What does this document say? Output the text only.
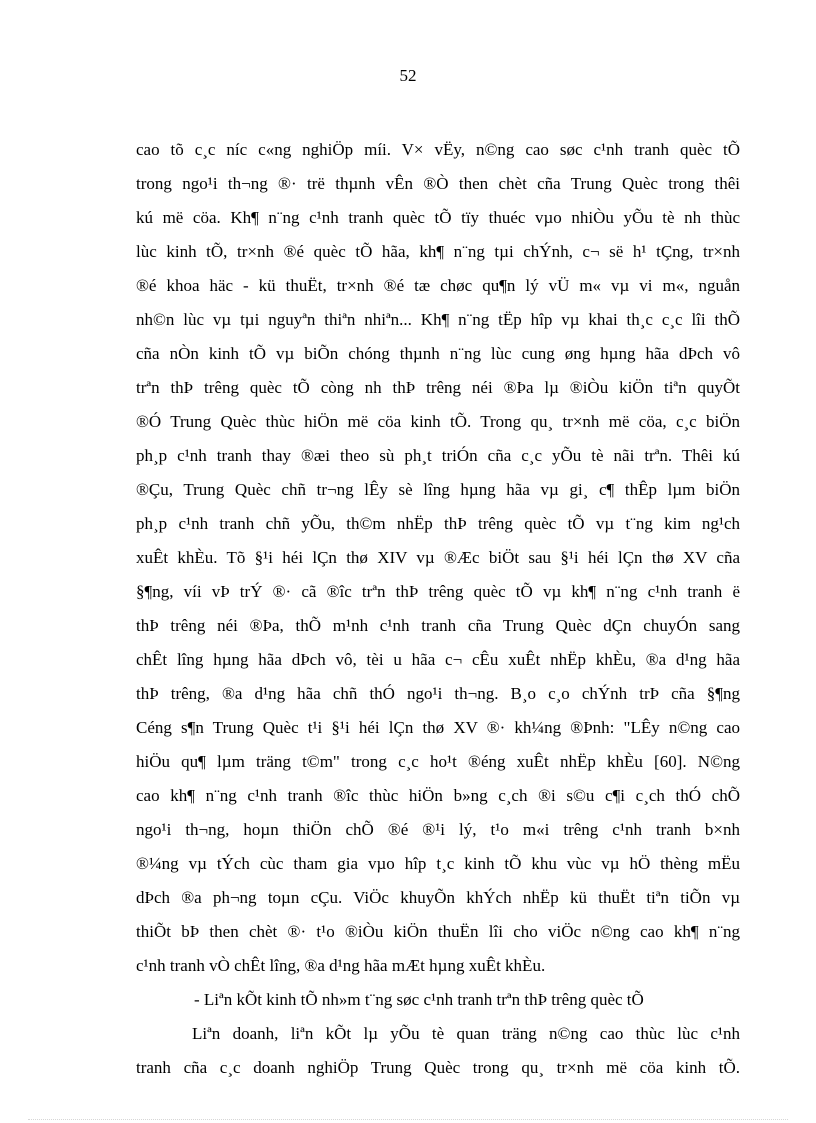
52
cao tõ c¸c níc c«ng nghiÖp míi. V× vËy, n©ng cao søc c¹nh tranh quèc tÕ
trong ngo¹i th¬ng ®· trë thµnh vÊn ®Ò then chèt cña Trung Quèc trong thêi
kú më cöa. Kh¶ n¨ng c¹nh tranh quèc tÕ tïy thuéc vµo nhiÒu yÕu tè nh thùc
lùc kinh tÕ, tr×nh ®é quèc tÕ hãa, kh¶ n¨ng tµi chÝnh, c¬ së h¹ tÇng, tr×nh
®é khoa häc - kü thuËt, tr×nh ®é tæ chøc qu¶n lý vÜ m« vµ vi m«, nguån
nh©n lùc vµ tµi nguyªn thiªn nhiªn... Kh¶ n¨ng tËp hîp vµ khai th¸c c¸c lîi thÕ
cña nÒn kinh tÕ vµ biÕn chóng thµnh n¨ng lùc cung øng hµng hãa dÞch vô
trªn thÞ trêng quèc tÕ còng nh thÞ trêng néi ®Þa lµ ®iÒu kiÖn tiªn quyÕt
®Ó Trung Quèc thùc hiÖn më cöa kinh tÕ. Trong qu¸ tr×nh më cöa, c¸c biÖn
ph¸p c¹nh tranh thay ®æi theo sù ph¸t triÓn cña c¸c yÕu tè nãi trªn. Thêi kú
®Çu, Trung Quèc chñ tr¬ng lÊy sè lîng hµng hãa vµ gi¸ c¶ thÊp lµm biÖn
ph¸p c¹nh tranh chñ yÕu, th©m nhËp thÞ trêng quèc tÕ vµ t¨ng kim ng¹ch
xuÊt khÈu. Tõ §¹i héi lÇn thø XIV vµ ®Æc biÖt sau §¹i héi lÇn thø XV cña
§¶ng, víi vÞ trÝ ®· cã ®îc trªn thÞ trêng quèc tÕ vµ kh¶ n¨ng c¹nh tranh ë
thÞ trêng néi ®Þa, thÕ m¹nh c¹nh tranh cña Trung Quèc dÇn chuyÓn sang
chÊt lîng hµng hãa dÞch vô, tèi u hãa c¬ cÊu xuÊt nhËp khÈu, ®a d¹ng hãa
thÞ trêng, ®a d¹ng hãa chñ thÓ ngo¹i th¬ng. B¸o c¸o chÝnh trÞ cña §¶ng
Céng s¶n Trung Quèc t¹i §¹i héi lÇn thø XV ®· kh¼ng ®Þnh: "LÊy n©ng cao
hiÖu qu¶ lµm träng t©m" trong c¸c ho¹t ®éng xuÊt nhËp khÈu [60]. N©ng
cao kh¶ n¨ng c¹nh tranh ®îc thùc hiÖn b»ng c¸ch ®i s©u c¶i c¸ch thÓ chÕ
ngo¹i th¬ng, hoµn thiÖn chÕ ®é ®¹i lý, t¹o m«i trêng c¹nh tranh b×nh
®¼ng vµ tÝch cùc tham gia vµo hîp t¸c kinh tÕ khu vùc vµ hÖ thèng mËu
dÞch ®a ph¬ng toµn cÇu. ViÖc khuyÕn khÝch nhËp kü thuËt tiªn tiÕn vµ
thiÕt bÞ then chèt ®· t¹o ®iÒu kiÖn thuËn lîi cho viÖc n©ng cao kh¶ n¨ng
c¹nh tranh vÒ chÊt lîng, ®a d¹ng hãa mÆt hµng xuÊt khÈu.
- Liªn kÕt kinh tÕ nh»m t¨ng søc c¹nh tranh trªn thÞ trêng quèc tÕ
Liªn doanh, liªn kÕt lµ yÕu tè quan träng n©ng cao thùc lùc c¹nh
tranh cña c¸c doanh nghiÖp Trung Quèc trong qu¸ tr×nh më cöa kinh tÕ.
